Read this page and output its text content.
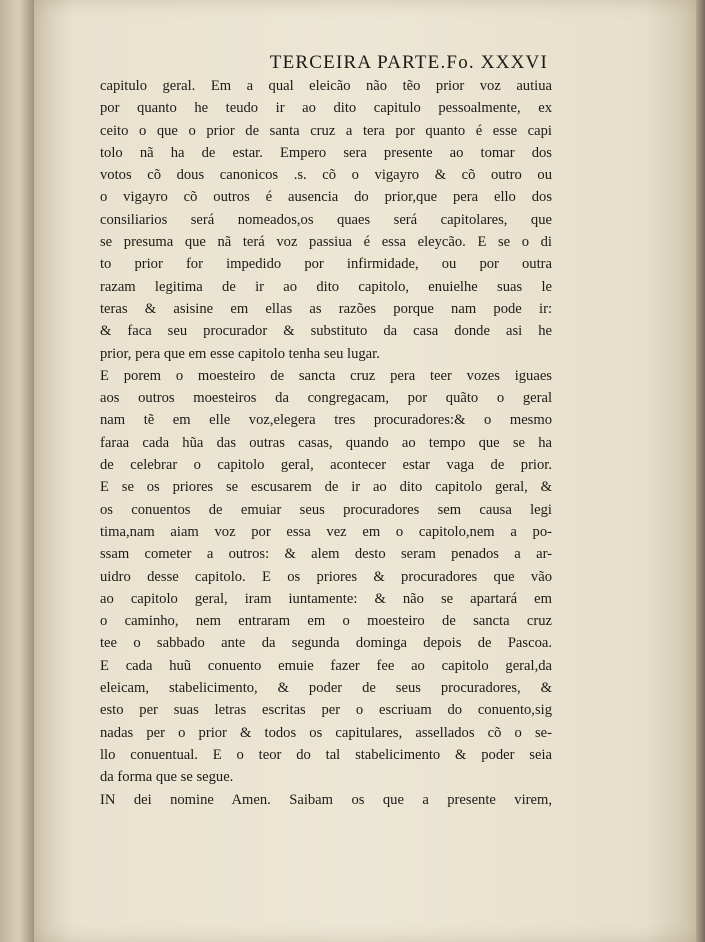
TERCEIRA PARTE.Fo. XXXVI
capitulo geral. Em a qual eleicão não tẽo prior voz autiua
por quanto he teudo ir ao dito capitulo pessoalmente, ex
ceito o que o prior de santa cruz a tera por quanto é esse capi
tolo nã ha de estar. Empero sera presente ao tomar dos
votos cõ dous canonicos .s. cõ o vigayro & cõ outro ou
o vigayro cõ outros é ausencia do prior,que pera ello dos
consiliarios será nomeados,os quaes será capitolares, que
se presuma que nã terá voz passiua é essa eleycão. E se o di
to prior for impedido por infirmidade, ou por outra
razam legitima de ir ao dito capitolo, enuielhe suas le
teras & asisine em ellas as razões porque nam pode ir:
& faca seu procurador & substituto da casa donde asi he
prior, pera que em esse capitolo tenha seu lugar.
E porem o moesteiro de sancta cruz pera teer vozes iguaes
aos outros moesteiros da congregacam, por quãto o geral
nam tẽ em elle voz,elegera tres procuradores:& o mesmo
faraa cada hũa das outras casas, quando ao tempo que se ha
de celebrar o capitolo geral, acontecer estar vaga de prior.
E se os priores se escusarem de ir ao dito capitolo geral, &
os conuentos de emuiar seus procuradores sem causa legi
tima,nam aiam voz por essa vez em o capitolo,nem a po-
ssam cometer a outros: & alem desto seram penados a ar-
uidro desse capitolo. E os priores & procuradores que vão
ao capitolo geral, iram iuntamente: & não se apartará em
o caminho, nem entraram em o moesteiro de sancta cruz
tee o sabbado ante da segunda dominga depois de Pascoa.
E cada huũ conuento emuie fazer fee ao capitolo geral,da
eleicam, stabelicimento, & poder de seus procuradores, &
esto per suas letras escritas per o escriuam do conuento,sig
nadas per o prior & todos os capitulares, assellados cõ o se-
llo conuentual. E o teor do tal stabelicimento & poder seia
da forma que se segue.
IN dei nomine Amen. Saibam os que a presente virem,
